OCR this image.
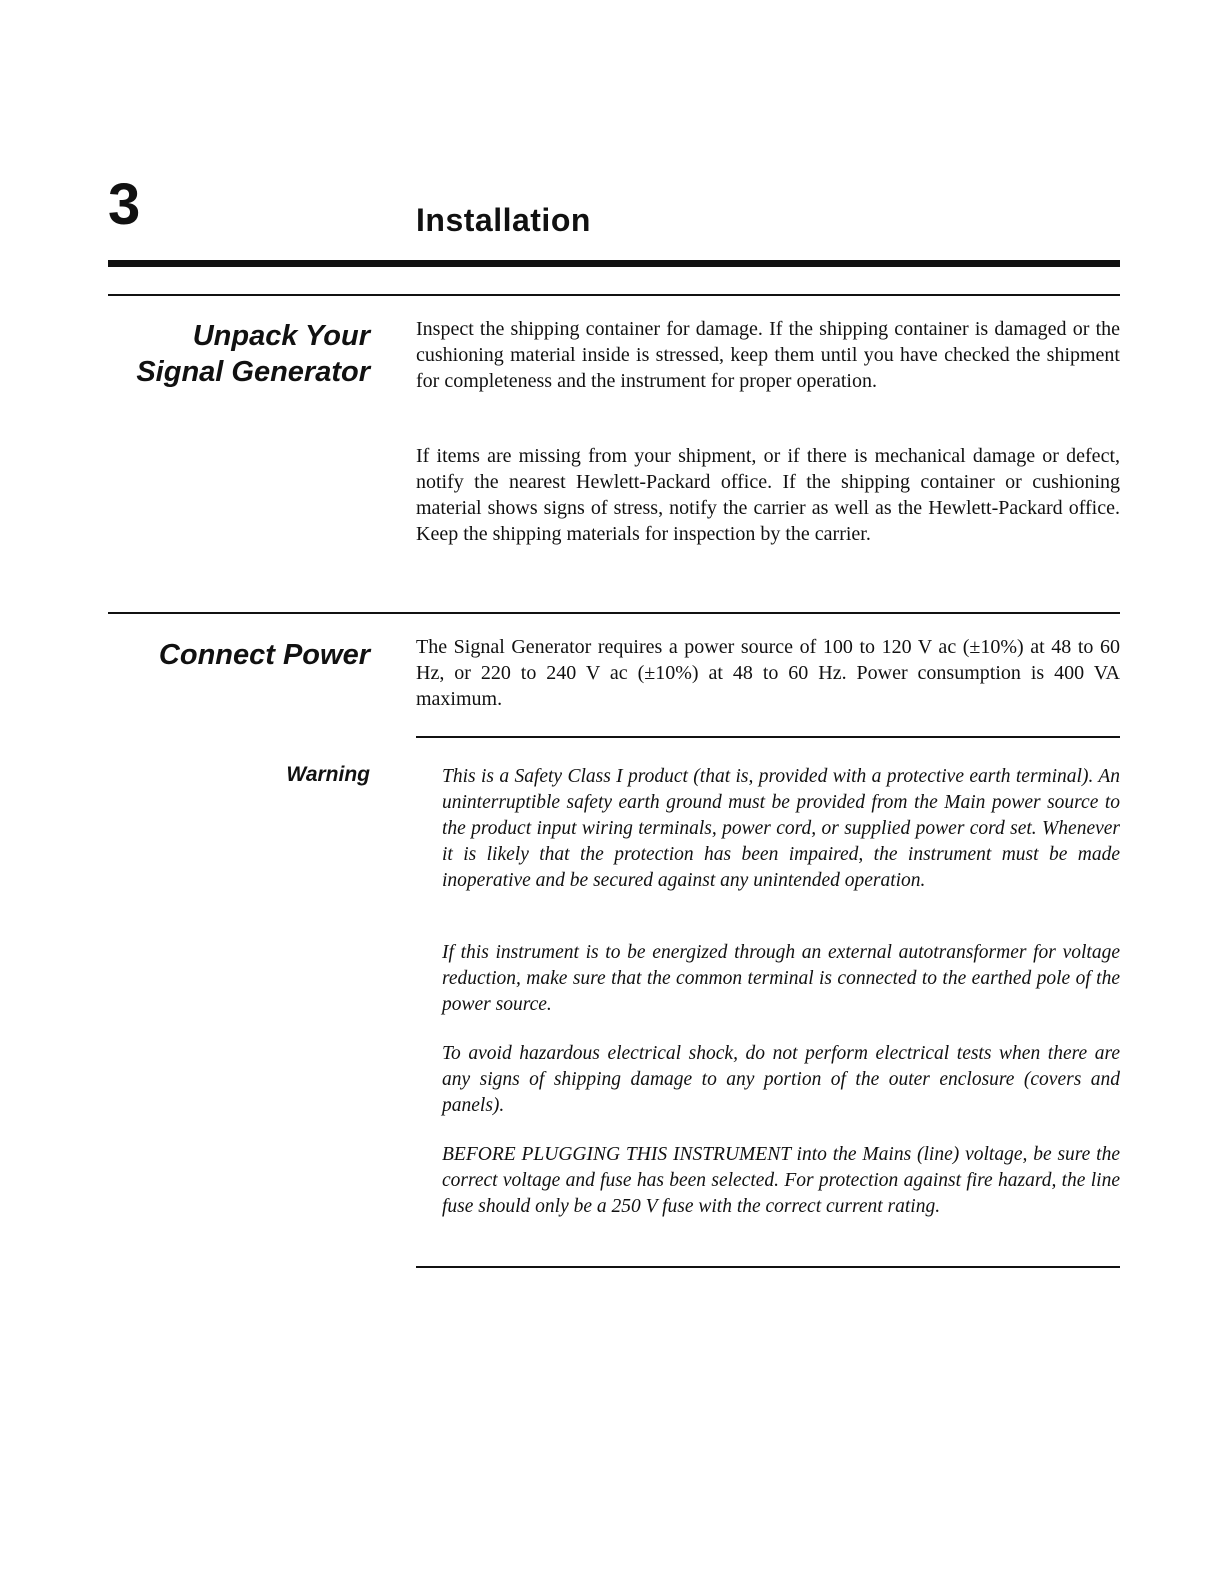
3	Installation
Unpack Your
Signal Generator

Inspect the shipping container for damage. If the shipping container is damaged or the cushioning material inside is stressed, keep them until you have checked the shipment for completeness and the instrument for proper operation.

If items are missing from your shipment, or if there is mechanical damage or defect, notify the nearest Hewlett-Packard office. If the shipping container or cushioning material shows signs of stress, notify the carrier as well as the Hewlett-Packard office. Keep the shipping materials for inspection by the carrier.

Connect Power The Signal Generator requires a power source of 100 to 120 V ac (±10%) at 48 to 60 Hz, or 220 to 240 V ac (±10%) at 48 to 60 Hz. Power consumption is 400 VA maximum.

Warning	This is a Safety Class I product (that is, provided with a protective earth terminal). An uninterruptible safety earth ground must be provided from the Main power source to the product input wiring terminals, power cord, or supplied power cord set. Whenever it is likely that the protection has been impaired, the instrument must be made inoperative and be secured against any unintended operation.

If this instrument is to be energized through an external autotransformer for voltage reduction, make sure that the common terminal is connected to the earthed pole of the power source.

To avoid hazardous electrical shock, do not perform electrical tests when there are any signs of shipping damage to any portion of the outer enclosure (covers and panels).

BEFORE PLUGGING THIS INSTRUMENT into the Mains (line) voltage, be sure the correct voltage and fuse has been selected. For protection against fire hazard, the line fuse should only be a 250 V fuse with the correct current rating.
